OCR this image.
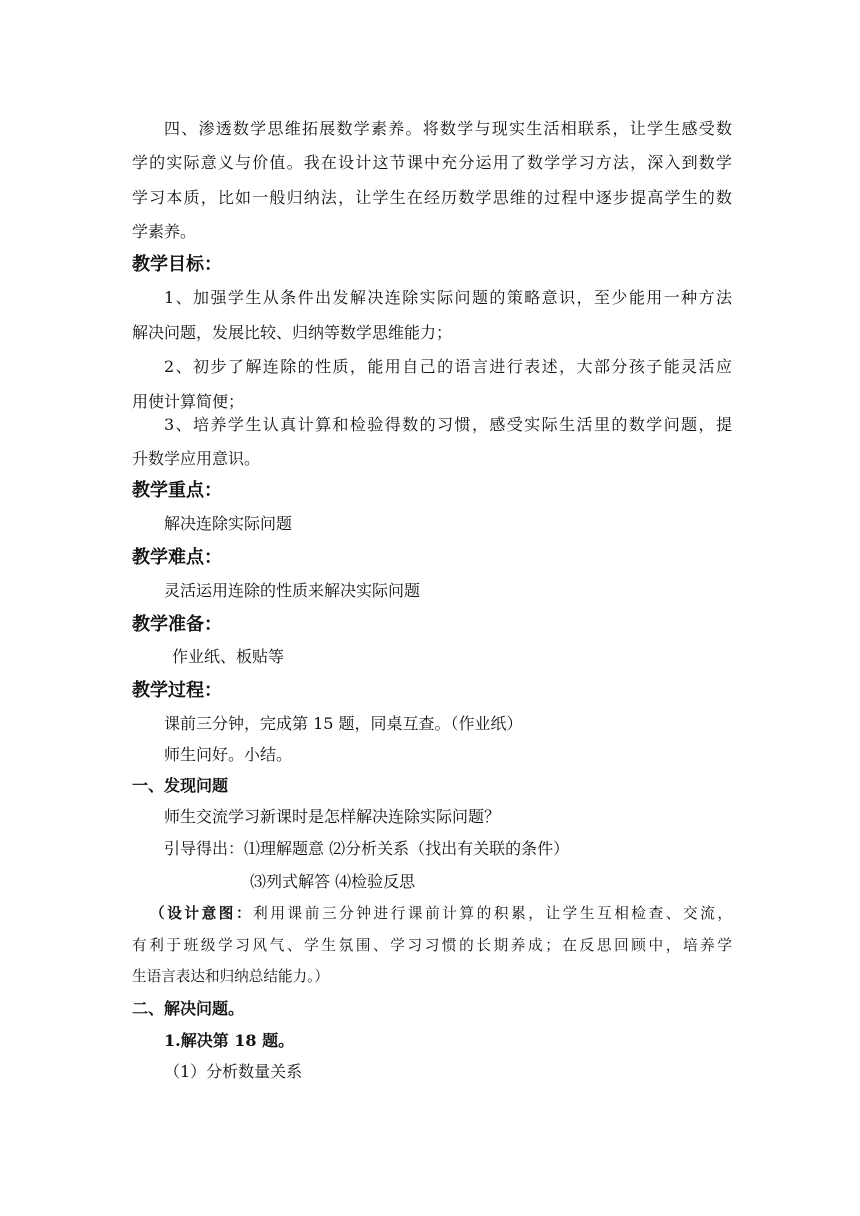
四、渗透数学思维拓展数学素养。将数学与现实生活相联系，让学生感受数
学的实际意义与价值。我在设计这节课中充分运用了数学学习方法，深入到数学
学习本质，比如一般归纳法，让学生在经历数学思维的过程中逐步提高学生的数
学素养。
教学目标：
1、加强学生从条件出发解决连除实际问题的策略意识，至少能用一种方法
解决问题，发展比较、归纳等数学思维能力；
2、初步了解连除的性质，能用自己的语言进行表述，大部分孩子能灵活应
用使计算简便；
3、培养学生认真计算和检验得数的习惯，感受实际生活里的数学问题，提
升数学应用意识。
教学重点：
解决连除实际问题
教学难点：
灵活运用连除的性质来解决实际问题
教学准备：
作业纸、板贴等
教学过程：
课前三分钟，完成第 15 题，同桌互查。（作业纸）
师生问好。小结。
一、发现问题
师生交流学习新课时是怎样解决连除实际问题？
引导得出：⑴理解题意 ⑵分析关系（找出有关联的条件）
⑶列式解答 ⑷检验反思
（设计意图：利用课前三分钟进行课前计算的积累，让学生互相检查、交流，
有利于班级学习风气、学生氛围、学习习惯的长期养成；在反思回顾中，培养学
生语言表达和归纳总结能力。）
二、解决问题。
1.解决第 18 题。
（1）分析数量关系
